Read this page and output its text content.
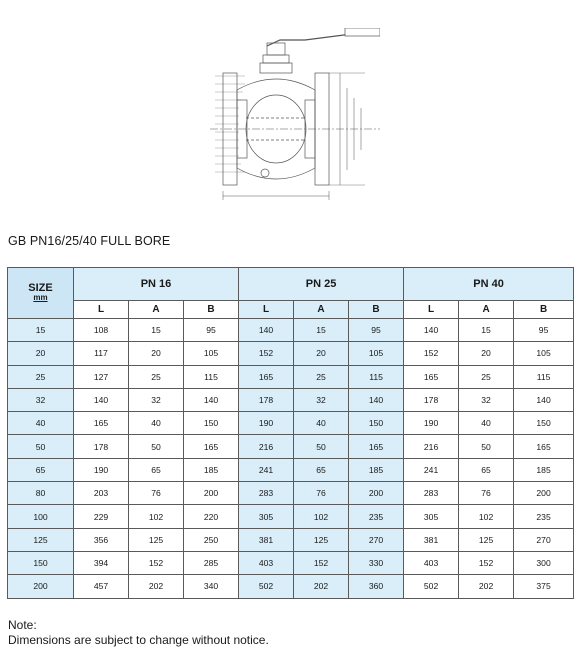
GB PN16/25/40 FULL BORE
SIZE
mm	PN 16			PN 25			PN 40		
	L	A	B	L	A	B	L	A	B
15	108	15	95	140	15	95	140	15	95
20	117	20	105	152	20	105	152	20	105
25	127	25	115	165	25	115	165	25	115
32	140	32	140	178	32	140	178	32	140
40	165	40	150	190	40	150	190	40	150
50	178	50	165	216	50	165	216	50	165
65	190	65	185	241	65	185	241	65	185
80	203	76	200	283	76	200	283	76	200
100	229	102	220	305	102	235	305	102	235
125	356	125	250	381	125	270	381	125	270
150	394	152	285	403	152	330	403	152	300
200	457	202	340	502	202	360	502	202	375
Note:
Dimensions are subject to change without notice.
